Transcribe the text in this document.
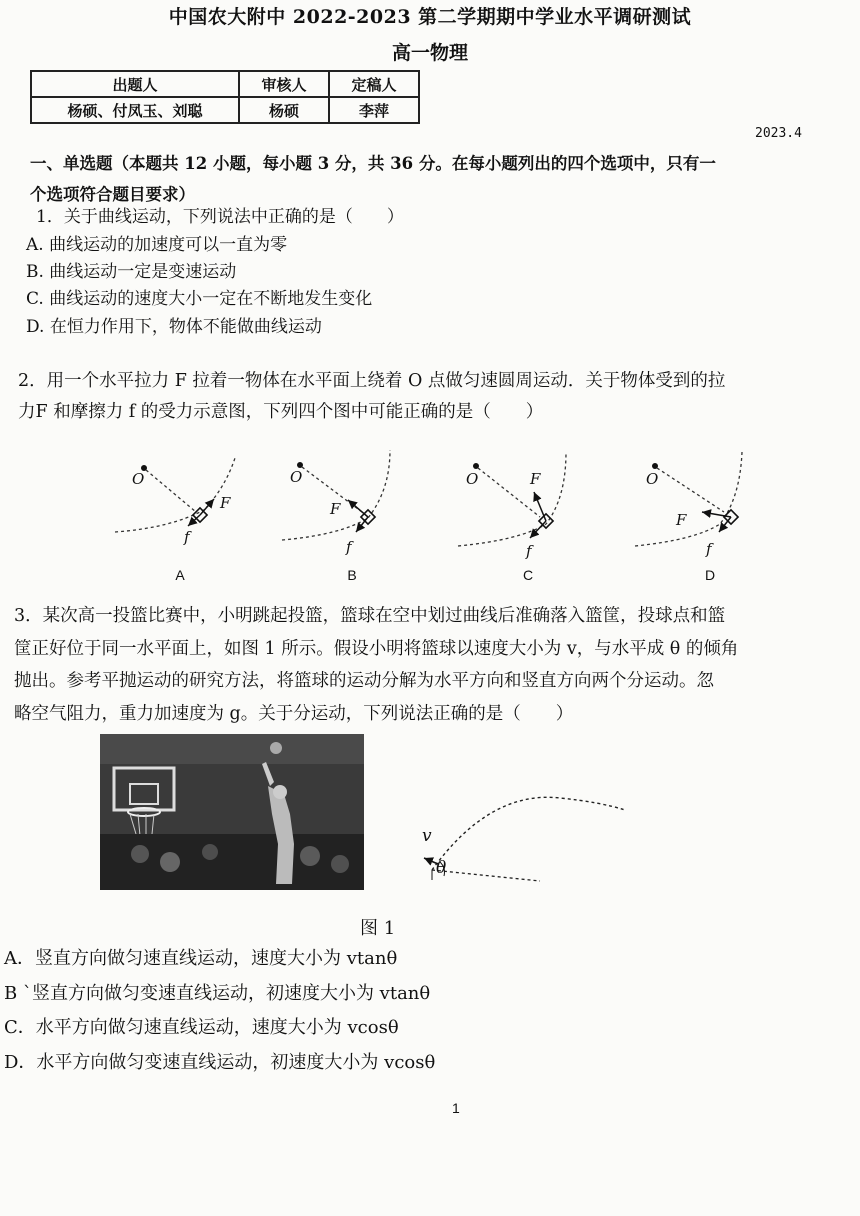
中国农大附中 2022-2023 第二学期期中学业水平调研测试
高一物理
出题人	审核人	定稿人
杨硕、付凤玉、刘聪	杨硕	李萍
2023.4
一、单选题（本题共 12 小题，每小题 3 分，共 36 分。在每小题列出的四个选项中，只有一
个选项符合题目要求）
1．关于曲线运动，下列说法中正确的是（　　）
A. 曲线运动的加速度可以一直为零
B. 曲线运动一定是变速运动
C. 曲线运动的速度大小一定在不断地发生变化
D. 在恒力作用下，物体不能做曲线运动
2．用一个水平拉力 F 拉着一物体在水平面上绕着 O 点做匀速圆周运动．关于物体受到的拉
力F 和摩擦力 f 的受力示意图，下列四个图中可能正确的是（　　）
O
F
f
A
O
F
f
B
O	F
f
C
O
F
f
D
3．某次高一投篮比赛中，小明跳起投篮，篮球在空中划过曲线后准确落入篮筐，投球点和篮
筐正好位于同一水平面上，如图 1 所示。假设小明将篮球以速度大小为 v，与水平成 θ 的倾角
抛出。参考平抛运动的研究方法，将篮球的运动分解为水平方向和竖直方向两个分运动。忽
略空气阻力，重力加速度为 g。关于分运动，下列说法正确的是（　　）
v
θ
图 1
A．竖直方向做匀速直线运动，速度大小为 vtanθ
B ˋ竖直方向做匀变速直线运动，初速度大小为 vtanθ
C．水平方向做匀速直线运动，速度大小为 vcosθ
D．水平方向做匀变速直线运动，初速度大小为 vcosθ
1
